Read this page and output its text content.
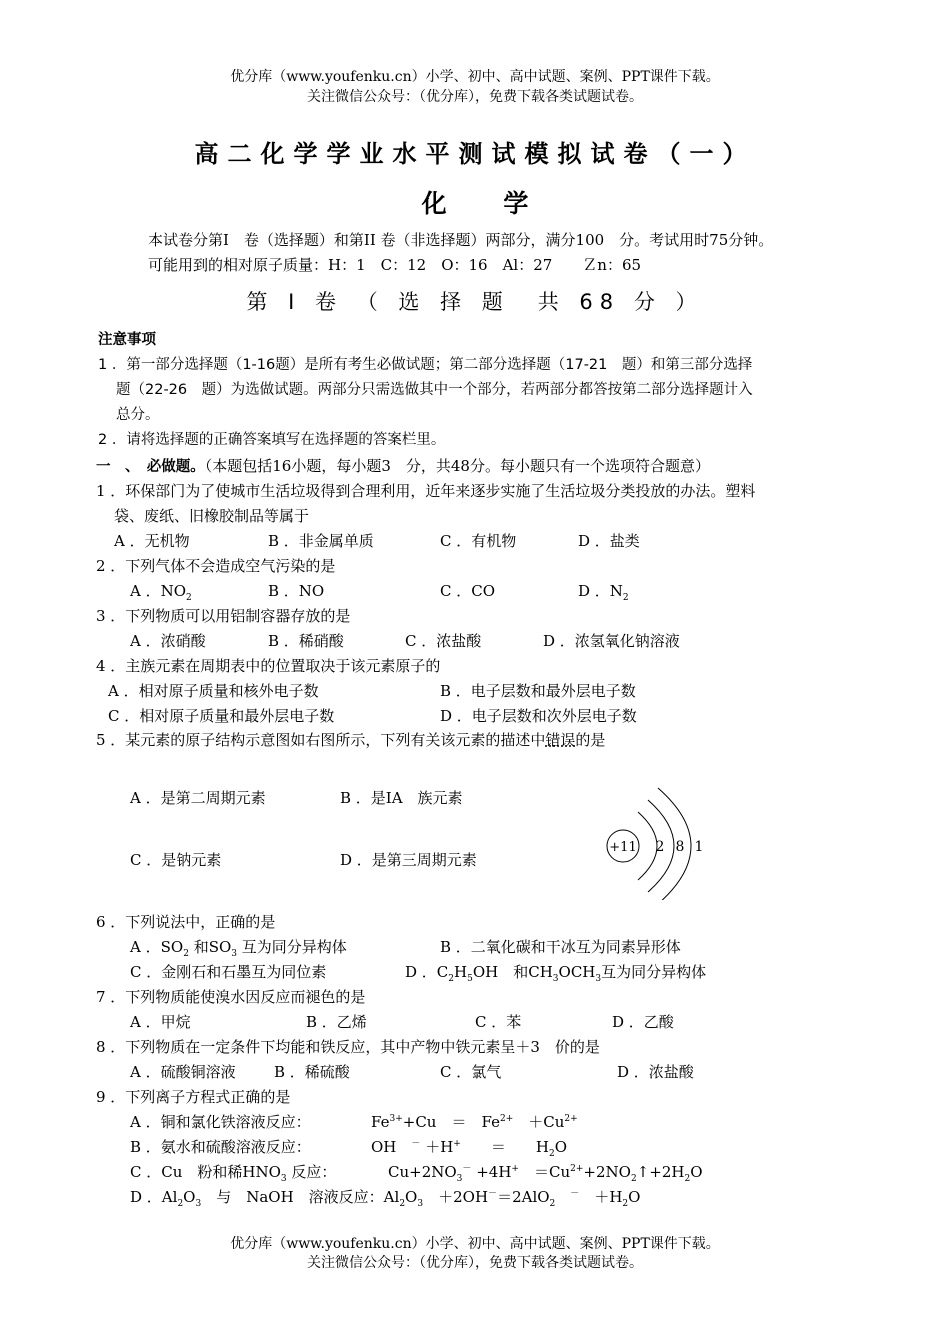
优分库（www.youfenku.cn）小学、初中、高中试题、案例、PPT课件下载。
关注微信公众号：（优分库），免费下载各类试题试卷。
高二化学学业水平测试模拟试卷（一）
化 学
本试卷分第I　卷（选择题）和第II 卷（非选择题）两部分，满分100　分。考试用时75分钟。
可能用到的相对原子质量：H：1　C：12　O：16　Al：27　　Ｚn：65
第 Ⅰ 卷 （ 选 择 题　共 68 分 ）
注意事项
1 ．第一部分选择题（1-16题）是所有考生必做试题；第二部分选择题（17-21　题）和第三部分选择
题（22-26　题）为选做试题。两部分只需选做其中一个部分，若两部分都答按第二部分选择题计入
总分。
2 ．请将选择题的正确答案填写在选择题的答案栏里。
一　、　必做题。（本题包括16小题，每小题3　分，共48分。每小题只有一个选项符合题意）
1 ．环保部门为了使城市生活垃圾得到合理利用，近年来逐步实施了生活垃圾分类投放的办法。塑料
袋、废纸、旧橡胶制品等属于
A ．无机物	B ．非金属单质	C ．有机物	D ．盐类
2 ．下列气体不会造成空气污染的是
A ．$NO_2$	B ．NO	C ．CO	D ．$N_2$
3 ．下列物质可以用铝制容器存放的是
A ．浓硝酸	B ．稀硝酸	C ．浓盐酸	D ．浓氢氧化钠溶液
4 ．主族元素在周期表中的位置取决于该元素原子的
A ．相对原子质量和核外电子数	B ．电子层数和最外层电子数
C ．相对原子质量和最外层电子数	D ．电子层数和次外层电子数
5 ．某元素的原子结构示意图如右图所示，下列有关该元素的描述中错误的是
A ．是第二周期元素	B ．是IA　族元素
C ．是钠元素	D ．是第三周期元素
+11 2 8 1
6 ．下列说法中，正确的是
A ．$SO_2$ 和$SO_3$ 互为同分异构体	B ．二氧化碳和干冰互为同素异形体
C ．金刚石和石墨互为同位素	D ．$C_2H_5OH$　和$CH_3OCH_3$互为同分异构体
7 ．下列物质能使溴水因反应而褪色的是
A ．甲烷	B ．乙烯	C ．苯	D ．乙酸
8 ．下列物质在一定条件下均能和铁反应，其中产物中铁元素呈＋3　价的是
A ．硫酸铜溶液	B ．稀硫酸	C ．氯气	D ．浓盐酸
9 ．下列离子方程式正确的是
A ．铜和氯化铁溶液反应：	$Fe^{3+}+Cu$　 ＝　 $Fe^{2+}$　 $+Cu^{2+}$
B ．氨水和硫酸溶液反应：	OH　 － ＋H+　　 ＝　　 $H_2O$
C ．Cu　粉和稀$HNO_3$ 反应：	$Cu+2NO_3^- +4H^+$　 $=Cu^{2+}+2NO_2↑+2H_2O$
D ．$Al_2O_3$　 与　NaOH　溶液反应：$Al_2O_3$　 ＋2OH－＝2AlO$_2$　－　 $+H_2O$
优分库（www.youfenku.cn）小学、初中、高中试题、案例、PPT课件下载。
关注微信公众号：（优分库），免费下载各类试题试卷。
